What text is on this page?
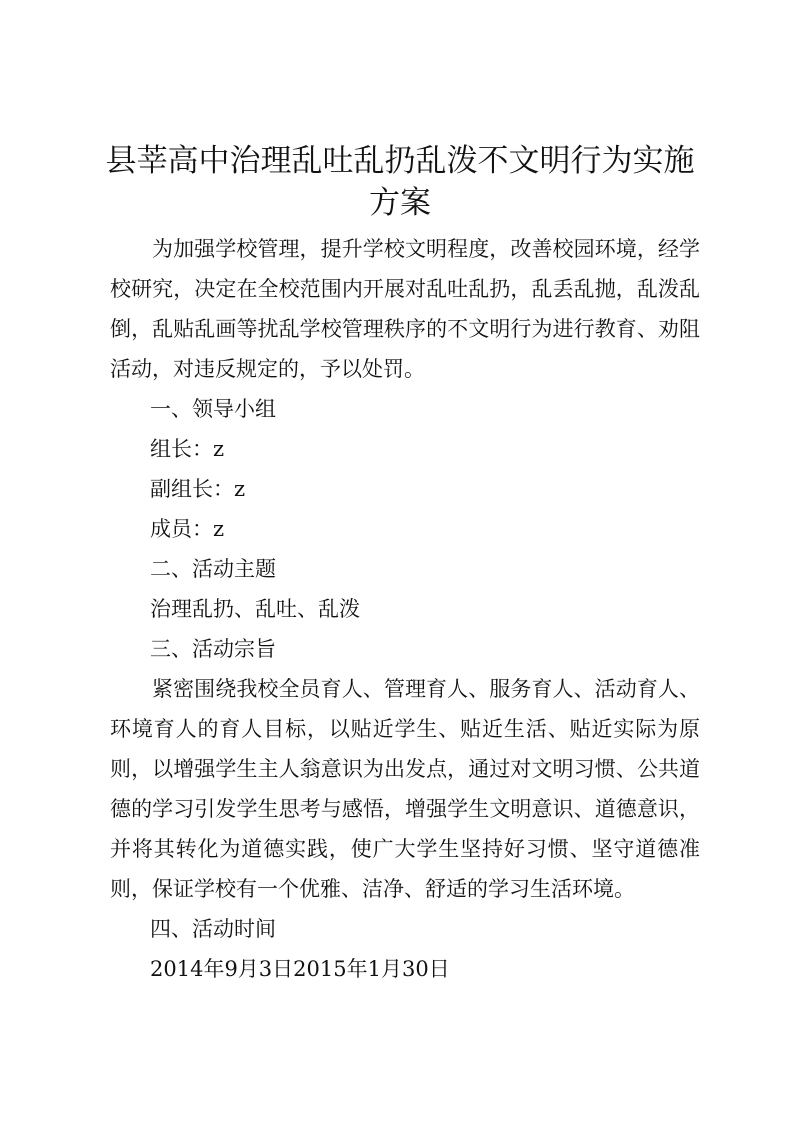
县莘高中治理乱吐乱扔乱泼不文明行为实施方案

为加强学校管理，提升学校文明程度，改善校园环境，经学校研究，决定在全校范围内开展对乱吐乱扔，乱丢乱抛，乱泼乱倒，乱贴乱画等扰乱学校管理秩序的不文明行为进行教育、劝阻活动，对违反规定的，予以处罚。

一、领导小组

组长：z

副组长：z

成员：z

二、活动主题

治理乱扔、乱吐、乱泼

三、活动宗旨

紧密围绕我校全员育人、管理育人、服务育人、活动育人、环境育人的育人目标，以贴近学生、贴近生活、贴近实际为原则，以增强学生主人翁意识为出发点，通过对文明习惯、公共道德的学习引发学生思考与感悟，增强学生文明意识、道德意识，并将其转化为道德实践，使广大学生坚持好习惯、坚守道德准则，保证学校有一个优雅、洁净、舒适的学习生活环境。

四、活动时间

2014年9月3日2015年1月30日
